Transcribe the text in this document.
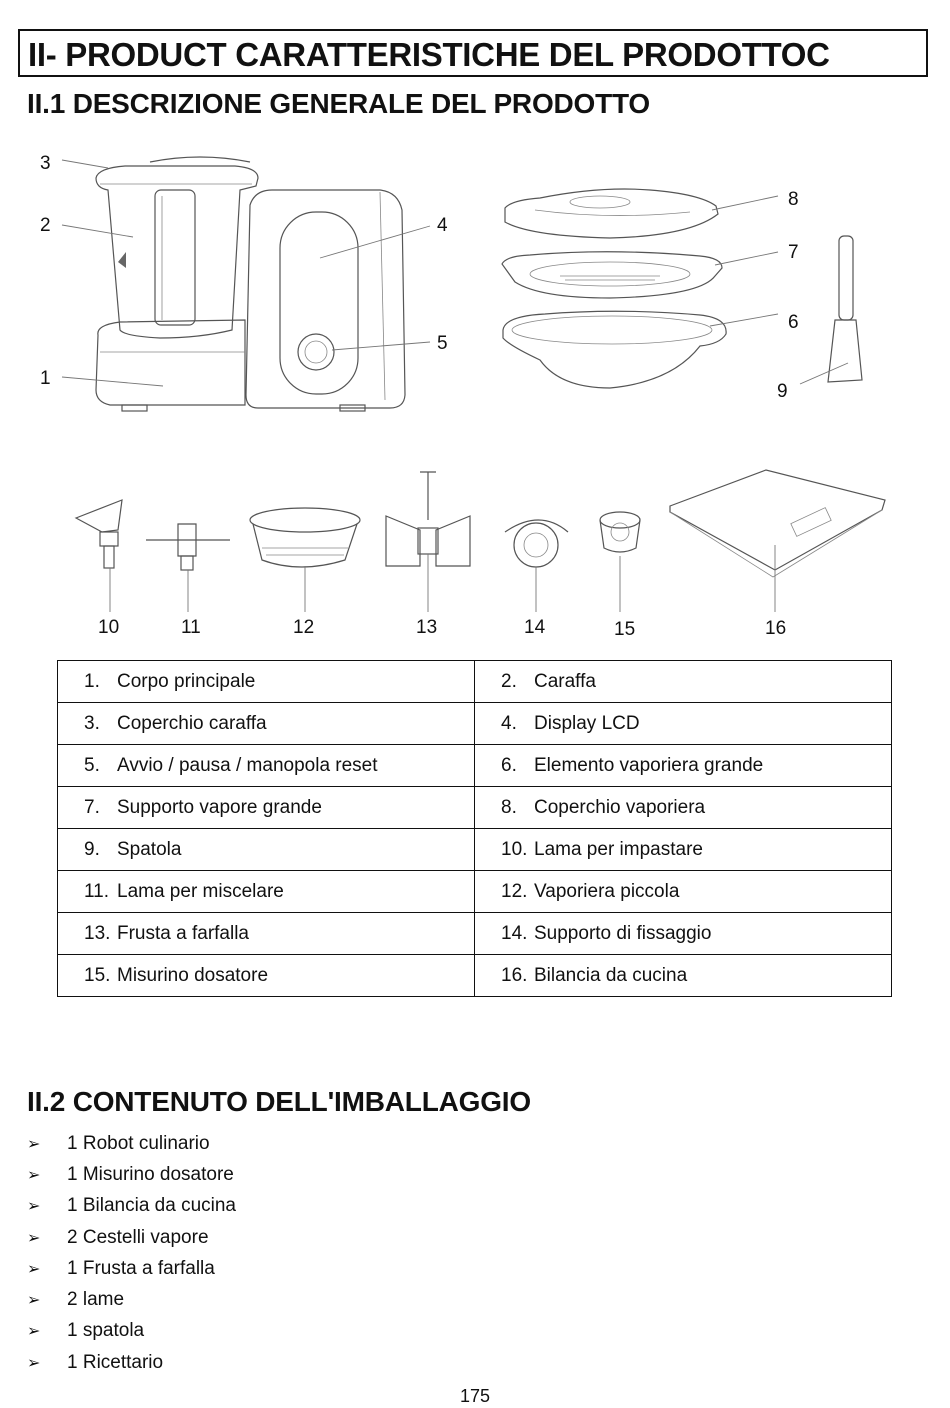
II- PRODUCT CARATTERISTICHE DEL PRODOTTOC
II.1 DESCRIZIONE GENERALE DEL PRODOTTO
1
2
3
4
5
6
7
8
9
10	11	12	13	14	15	16
1. Corpo principale	2. Caraffa
3. Coperchio caraffa	4. Display LCD
5. Avvio / pausa / manopola reset	6. Elemento vaporiera grande
7. Supporto vapore grande	8. Coperchio vaporiera
9. Spatola	10. Lama per impastare
11. Lama per miscelare	12. Vaporiera piccola
13. Frusta a farfalla	14. Supporto di fissaggio
15. Misurino dosatore	16. Bilancia da cucina
II.2 CONTENUTO DELL'IMBALLAGGIO
➢	1 Robot culinario
➢	1 Misurino dosatore
➢	1 Bilancia da cucina
➢	2 Cestelli vapore
➢	1 Frusta a farfalla
➢	2 lame
➢	1 spatola
➢	1 Ricettario
175
